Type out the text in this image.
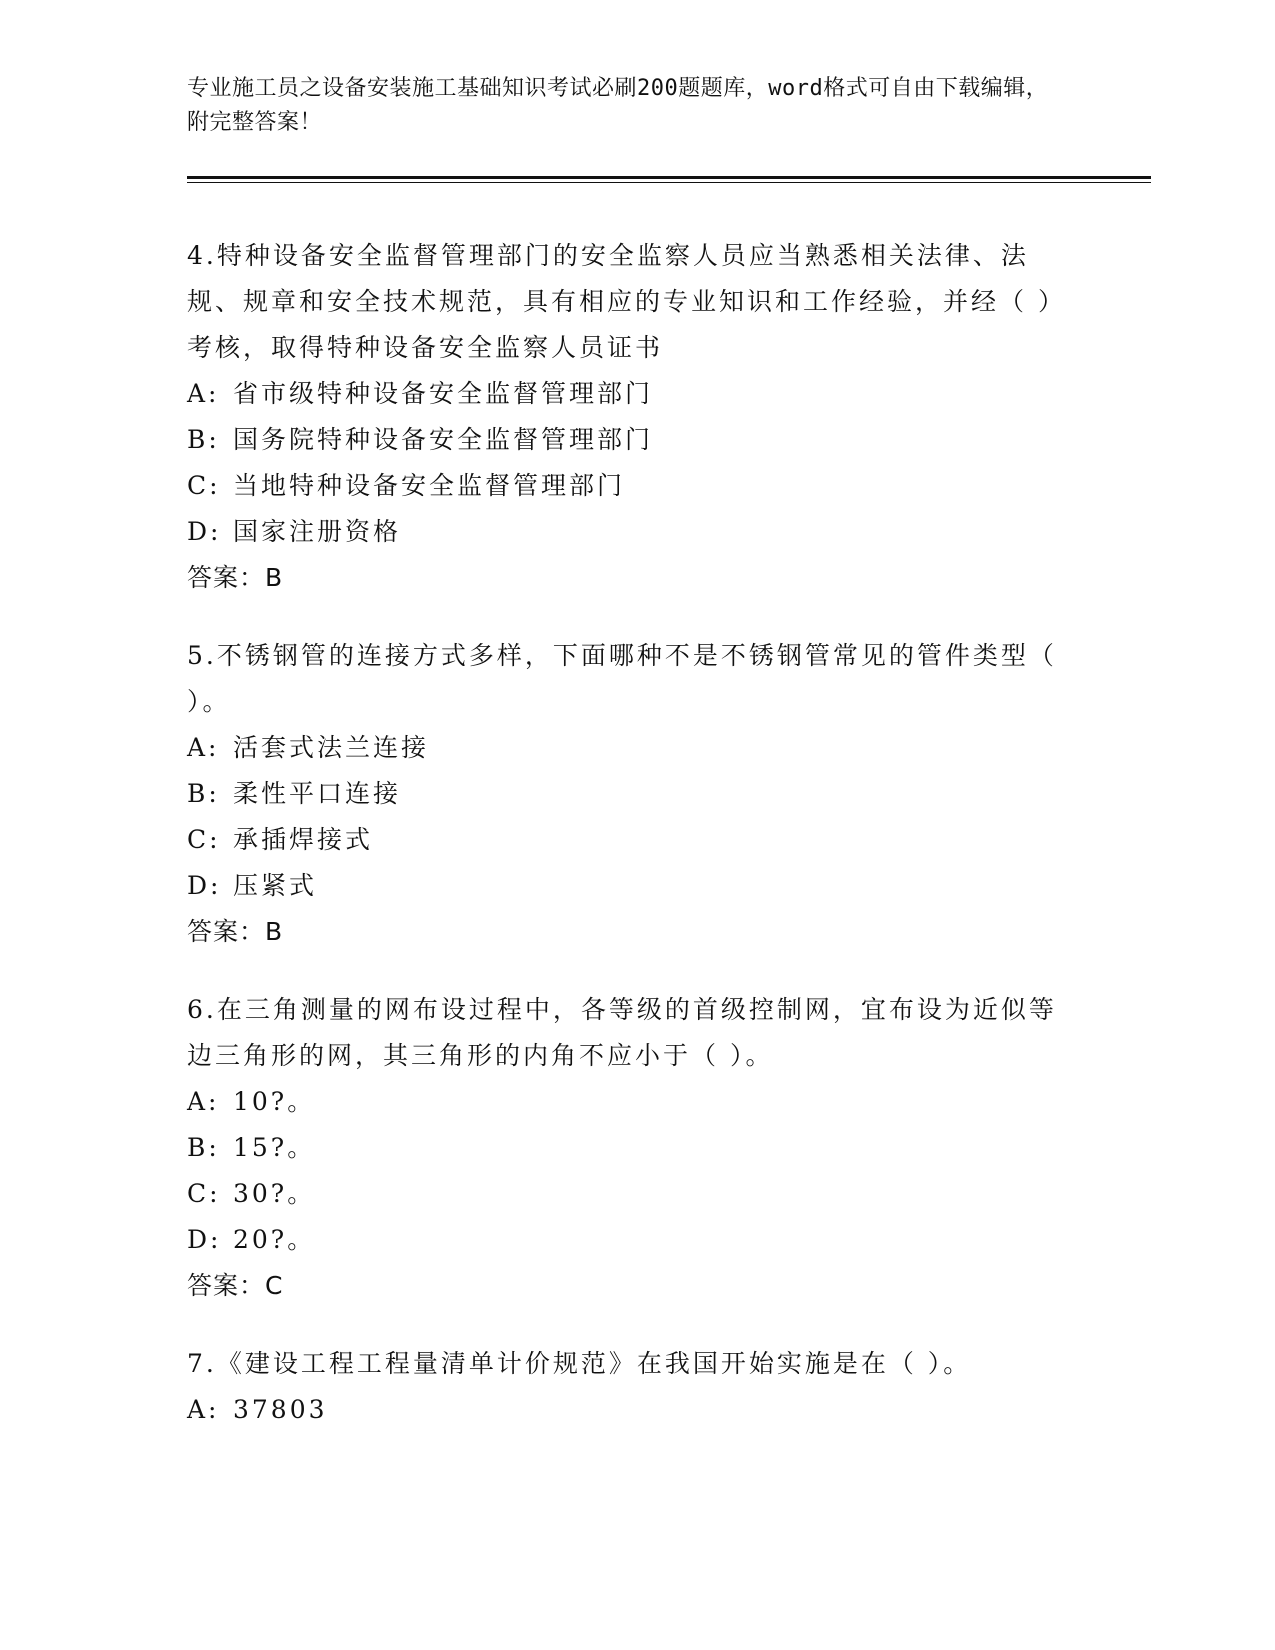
专业施工员之设备安装施工基础知识考试必刷200题题库，word格式可自由下载编辑，附完整答案！

4.特种设备安全监督管理部门的安全监察人员应当熟悉相关法律、法规、规章和安全技术规范，具有相应的专业知识和工作经验，并经（ ）考核，取得特种设备安全监察人员证书

A: 省市级特种设备安全监督管理部门

B: 国务院特种设备安全监督管理部门

C: 当地特种设备安全监督管理部门

D: 国家注册资格

答案：B

5.不锈钢管的连接方式多样，下面哪种不是不锈钢管常见的管件类型（ ）。

A: 活套式法兰连接

B: 柔性平口连接

C: 承插焊接式

D: 压紧式

答案：B

6.在三角测量的网布设过程中，各等级的首级控制网，宜布设为近似等边三角形的网，其三角形的内角不应小于（ ）。

A: 10?。

B: 15?。

C: 30?。

D: 20?。

答案：C

7.《建设工程工程量清单计价规范》在我国开始实施是在（ ）。

A: 37803
